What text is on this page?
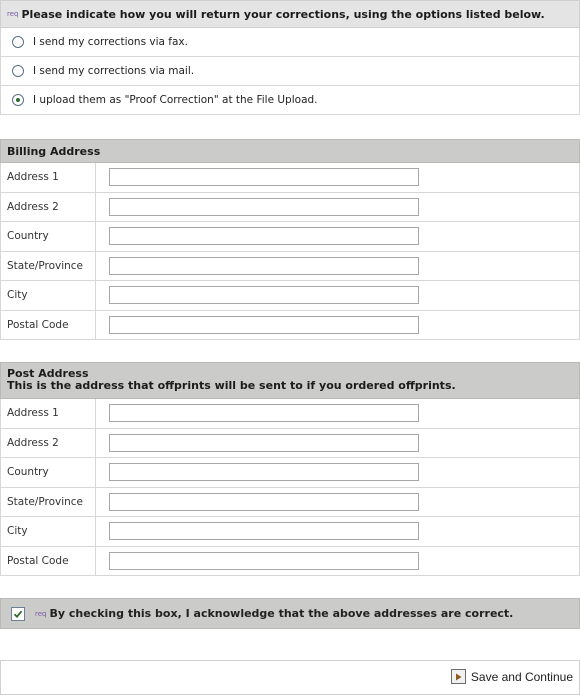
req Please indicate how you will return your corrections, using the options listed below.
I send my corrections via fax.
I send my corrections via mail.
I upload them as "Proof Correction" at the File Upload.
Billing Address
Address 1
Address 2
Country
State/Province
City
Postal Code
Post Address
This is the address that offprints will be sent to if you ordered offprints.
Address 1
Address 2
Country
State/Province
City
Postal Code
req By checking this box, I acknowledge that the above addresses are correct.
Save and Continue
